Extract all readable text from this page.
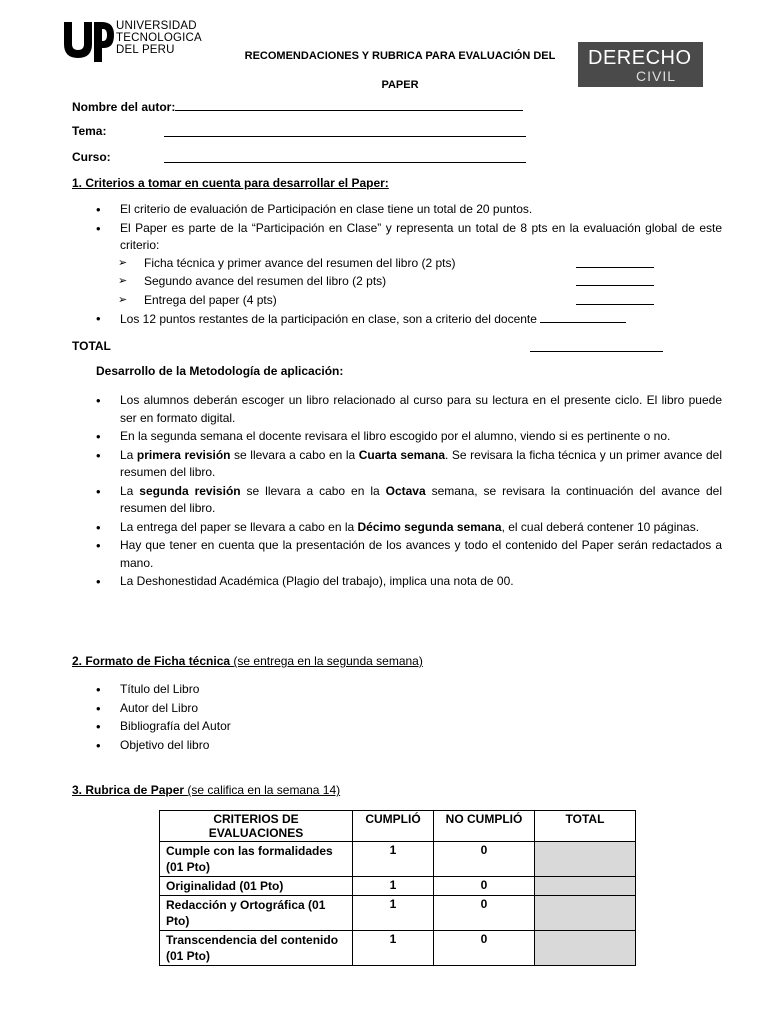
UNIVERSIDAD
TECNOLOGICA
DEL PERU	RECOMENDACIONES Y RUBRICA PARA EVALUACIÓN DEL
PAPER
DERECHO
CIVIL
Nombre del autor:
Tema:
Curso:
1. Criterios a tomar en cuenta para desarrollar el Paper:
• El criterio de evaluación de Participación en clase tiene un total de 20 puntos.
• El Paper es parte de la “Participación en Clase” y representa un total de 8 pts en la evaluación global de este criterio:
➢ Ficha técnica y primer avance del resumen del libro (2 pts)
➢ Segundo avance del resumen del libro (2 pts)
➢ Entrega del paper (4 pts)
• Los 12 puntos restantes de la participación en clase, son a criterio del docente
TOTAL
Desarrollo de la Metodología de aplicación:
• Los alumnos deberán escoger un libro relacionado al curso para su lectura en el presente ciclo. El libro puede ser en formato digital.
• En la segunda semana el docente revisara el libro escogido por el alumno, viendo si es pertinente o no.
• La primera revisión se llevara a cabo en la Cuarta semana. Se revisara la ficha técnica y un primer avance del resumen del libro.
• La segunda revisión se llevara a cabo en la Octava semana, se revisara la continuación del avance del resumen del libro.
• La entrega del paper se llevara a cabo en la Décimo segunda semana, el cual deberá contener 10 páginas.
• Hay que tener en cuenta que la presentación de los avances y todo el contenido del Paper serán redactados a mano.
• La Deshonestidad Académica (Plagio del trabajo), implica una nota de 00.
2. Formato de Ficha técnica (se entrega en la segunda semana)
• Título del Libro
• Autor del Libro
• Bibliografía del Autor
• Objetivo del libro
3. Rubrica de Paper (se califica en la semana 14)
CRITERIOS DE EVALUACIONES	CUMPLIÓ	NO CUMPLIÓ	TOTAL
Cumple con las formalidades (01 Pto)	1	0	
Originalidad (01 Pto)	1	0	
Redacción y Ortográfica (01 Pto)	1	0	
Transcendencia del contenido (01 Pto)	1	0	
